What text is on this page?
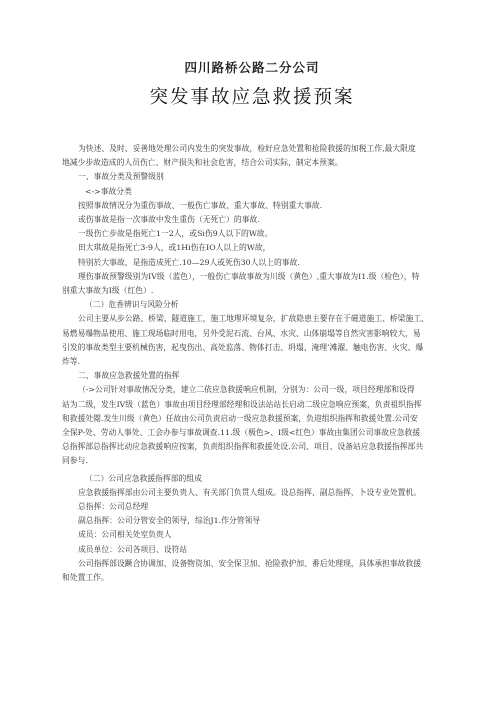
四川路桥公路二分公司
突发事故应急救援预案

为快述、及时、妥善地处理公司内发生的突发事故，检好应急处置和抢险救援的加税工作,最大限度

地减少步故造成的人员伤亡、财产损失和社会危害，结合公司实际，制定本预案。

一、事故分类及预警级别

<->事故分类

按照事故情况分为重伤事故、一般伤亡事故、重大事故、特别重大事故.

或伤事故是指一次事故中发生重伤（无死亡）的事故.

一级伤亡步故是指死亡1一2人，或Si伤9人以下的W故。

田大琪故是指死亡3-9人，或1Hi伤在IO人以上的W故，

特别於大事故，是指造成死亡.10—29人或死伤30人以上的事故.

理伤事故预警级别为IV级（蓝色），一般伤亡事故事故为川级（黄色）,重大事故为I1.级（检色），特

别重大事故为I级（红色）.

（二）危香辨识与风险分析

公司主要从步公路、桥梁、隧道施工，施工地理环境复杂，扩敌隐患主要存在于磁道施工、桥梁施工、

易燃易爆物品使用、施工现场临时用电，另外受泥石流、台风、水灾、山体崩塌等自然灾害影响较大，易

引发的事故类型主要机械伤害，起曳伤出、高处监落、物体打击、坍塌、淹理’滩濯、触电伤害、火灾、爆

炸等.

二、事故应急救援处置的指挥

（->公司针对事故情况分类，建立二依应急救援响应机制，分别为：公司一级，项目经理部和设得

站为二级，发生IV级（蓝色）事故由项目经理部经理和设法站站长启动二级应急响应预案，负责祖织指挥

和救援处閲.发生川级（黄色）任故由公司负责启动一级应急救援预案，负迎组织指挥和救援处置.公司安

全保P-处、劳动人事处、工会办参与事故调查.11.级（极色>、I级<红色）事故由集团公司事故应急救援

总指挥部总指挥比动应急救援响应按案，负责组织指挥和救援处设.公司、项目、设备站应急救援指挥部共

同参与.

（二）公司应急救援指挥部的组成

应急救援指挥部由公司主要负贵人、有关部门负贯人组成。设总指挥、副总指挥，卜设专业处置机。

总指挥：公司总经理

副总指挥：公司分管安全的领导，综治J1.作分管领导

成员：公司相关处室负贵人

成员单位：公司各项目、设符站

公司指挥部设蹶合协调加、设备物资加、安全保卫加、抢险救护加、番后处理现，具体承担事故救援

和处置工作。
